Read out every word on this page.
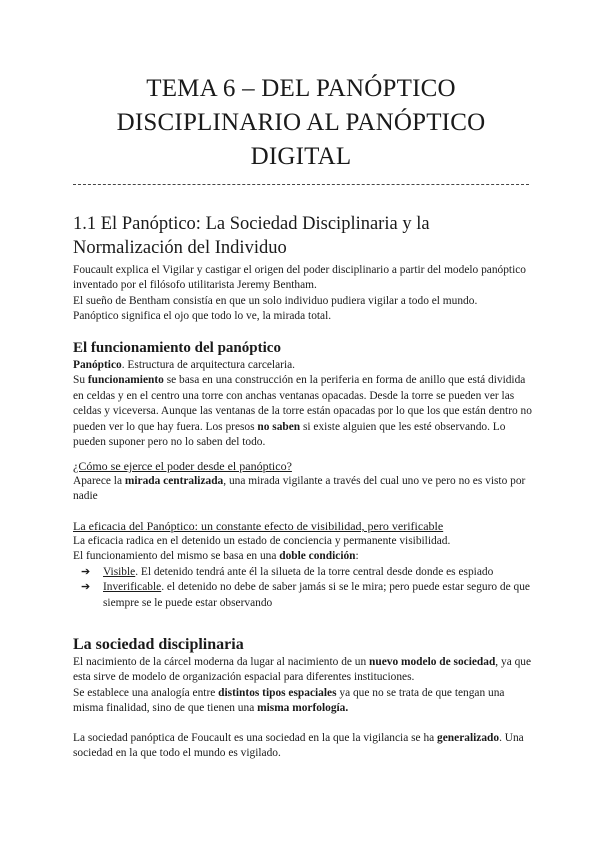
TEMA 6 – DEL PANÓPTICO DISCIPLINARIO AL PANÓPTICO DIGITAL
1.1 El Panóptico: La Sociedad Disciplinaria y la Normalización del Individuo

Foucault explica el Vigilar y castigar el origen del poder disciplinario a partir del modelo panóptico inventado por el filósofo utilitarista Jeremy Bentham.

El sueño de Bentham consistía en que un solo individuo pudiera vigilar a todo el mundo.

Panóptico significa el ojo que todo lo ve, la mirada total.

El funcionamiento del panóptico

Panóptico. Estructura de arquitectura carcelaria.

Su funcionamiento se basa en una construcción en la periferia en forma de anillo que está dividida en celdas y en el centro una torre con anchas ventanas opacadas. Desde la torre se pueden ver las celdas y viceversa. Aunque las ventanas de la torre están opacadas por lo que los que están dentro no pueden ver lo que hay fuera. Los presos no saben si existe alguien que les esté observando. Lo pueden suponer pero no lo saben del todo.

¿Cómo se ejerce el poder desde el panóptico?

Aparece la mirada centralizada, una mirada vigilante a través del cual uno ve pero no es visto por nadie

La eficacia del Panóptico: un constante efecto de visibilidad, pero verificable

La eficacia radica en el detenido un estado de conciencia y permanente visibilidad.

El funcionamiento del mismo se basa en una doble condición:

➔	Visible. El detenido tendrá ante él la silueta de la torre central desde donde es espiado

➔	Inverificable. el detenido no debe de saber jamás si se le mira; pero puede estar seguro de que siempre se le puede estar observando

La sociedad disciplinaria

El nacimiento de la cárcel moderna da lugar al nacimiento de un nuevo modelo de sociedad, ya que esta sirve de modelo de organización espacial para diferentes instituciones.

Se establece una analogía entre distintos tipos espaciales ya que no se trata de que tengan una misma finalidad, sino de que tienen una misma morfología.

La sociedad panóptica de Foucault es una sociedad en la que la vigilancia se ha generalizado. Una sociedad en la que todo el mundo es vigilado.
